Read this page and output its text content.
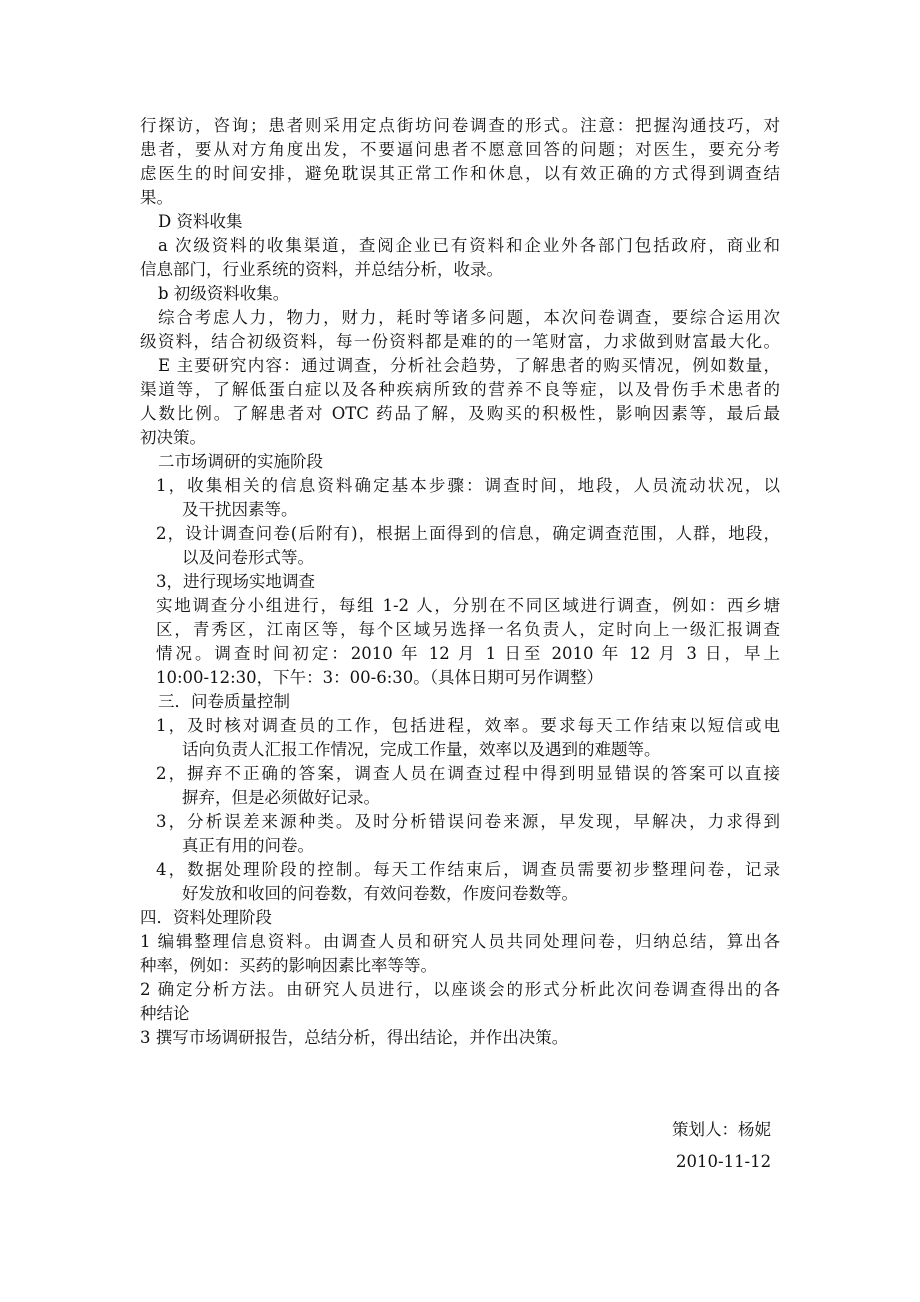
行探访，咨询；患者则采用定点街坊问卷调查的形式。注意：把握沟通技巧，对
患者，要从对方角度出发，不要逼问患者不愿意回答的问题；对医生，要充分考
虑医生的时间安排，避免耽误其正常工作和休息，以有效正确的方式得到调查结
果。
D 资料收集
a 次级资料的收集渠道，查阅企业已有资料和企业外各部门包括政府，商业和
信息部门，行业系统的资料，并总结分析，收录。
b 初级资料收集。
综合考虑人力，物力，财力，耗时等诸多问题，本次问卷调查，要综合运用次
级资料，结合初级资料，每一份资料都是难的的一笔财富，力求做到财富最大化。
E 主要研究内容：通过调查，分析社会趋势，了解患者的购买情况，例如数量，
渠道等，了解低蛋白症以及各种疾病所致的营养不良等症，以及骨伤手术患者的
人数比例。了解患者对 OTC 药品了解，及购买的积极性，影响因素等，最后最
初决策。
二市场调研的实施阶段
1，收集相关的信息资料确定基本步骤：调查时间，地段，人员流动状况，以
及干扰因素等。
2，设计调查问卷(后附有)，根据上面得到的信息，确定调查范围，人群，地段，
以及问卷形式等。
3，进行现场实地调查
实地调查分小组进行，每组 1-2 人，分别在不同区域进行调查，例如：西乡塘
区，青秀区，江南区等，每个区域另选择一名负责人，定时向上一级汇报调查
情况。调查时间初定：2010 年 12 月 1 日至 2010 年 12 月 3 日，早上
10:00-12:30，下午：3：00-6:30。（具体日期可另作调整）
三．问卷质量控制
1，及时核对调查员的工作，包括进程，效率。要求每天工作结束以短信或电
话向负责人汇报工作情况，完成工作量，效率以及遇到的难题等。
2，摒弃不正确的答案，调查人员在调查过程中得到明显错误的答案可以直接
摒弃，但是必须做好记录。
3，分析误差来源种类。及时分析错误问卷来源，早发现，早解决，力求得到
真正有用的问卷。
4，数据处理阶段的控制。每天工作结束后，调查员需要初步整理问卷，记录
好发放和收回的问卷数，有效问卷数，作废问卷数等。
四．资料处理阶段
1 编辑整理信息资料。由调查人员和研究人员共同处理问卷，归纳总结，算出各
种率，例如：买药的影响因素比率等等。
2 确定分析方法。由研究人员进行，以座谈会的形式分析此次问卷调查得出的各
种结论
3 撰写市场调研报告，总结分析，得出结论，并作出决策。
策划人：杨妮
2010-11-12
